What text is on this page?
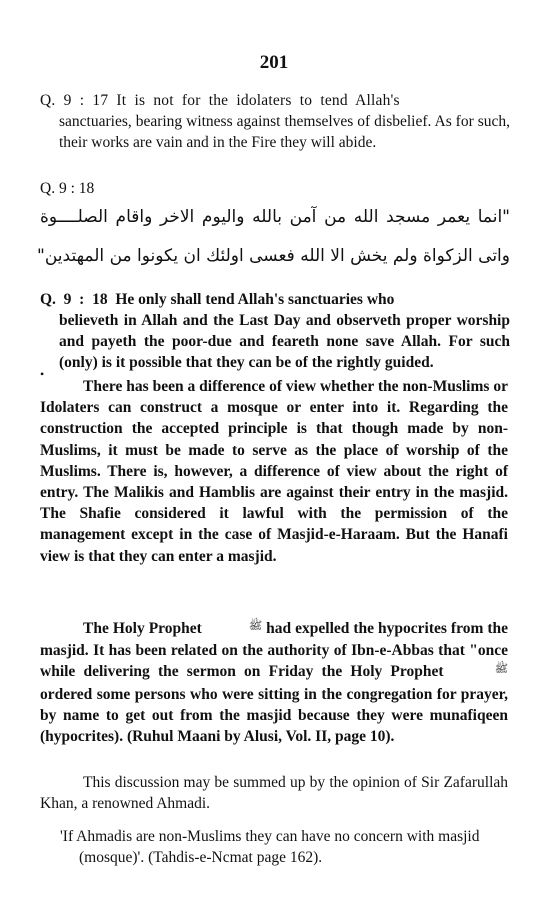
201
Q.  9  :  17  It  is  not  for  the  idolaters  to  tend  Allah's
sanctuaries, bearing witness against themselves of disbelief. As for such, their works are vain and in the Fire they will abide.
Q. 9 : 18
"انما يعمر مسجد الله من آمن بالله واليوم الاخر واقام الصلــــوة
واتى الزكواة ولم يخش الا الله فعسى اولئك ان يكونوا من المهتدين"
Q.  9  :  18  He only shall tend Allah's sanctuaries who
believeth in Allah and the Last Day and observeth proper worship and payeth the poor-due and feareth none save Allah. For such (only) is it possible that they can be of the rightly guided.
•

There has been a difference of view whether the non-Muslims or Idolaters can construct a mosque or enter into it. Regarding the construction the accepted principle is that though made by non-Muslims, it must be made to serve as the place of worship of the Muslims. There is, however, a difference of view about the right of entry. The Malikis and Hamblis are against their entry in the masjid. The Shafie considered it lawful with the permission of the management except in the case of Masjid-e-Haraam. But the Hanafi view is that they can enter a masjid.

The Holy Prophet	ﷺ had expelled the hypocrites from the masjid. It has been related on the authority of Ibn-e-Abbas that "once while delivering the sermon on Friday the Holy Prophet	ﷺ ordered some persons who were sitting in the congregation for prayer, by name to get out from the masjid because they were munafiqeen (hypocrites). (Ruhul Maani by Alusi, Vol. II, page 10).

This discussion may be summed up by the opinion of Sir Zafarullah Khan, a renowned Ahmadi.

'If Ahmadis are non-Muslims they can have no concern with masjid (mosque)'. (Tahdis-e-Ncmat page 162).
